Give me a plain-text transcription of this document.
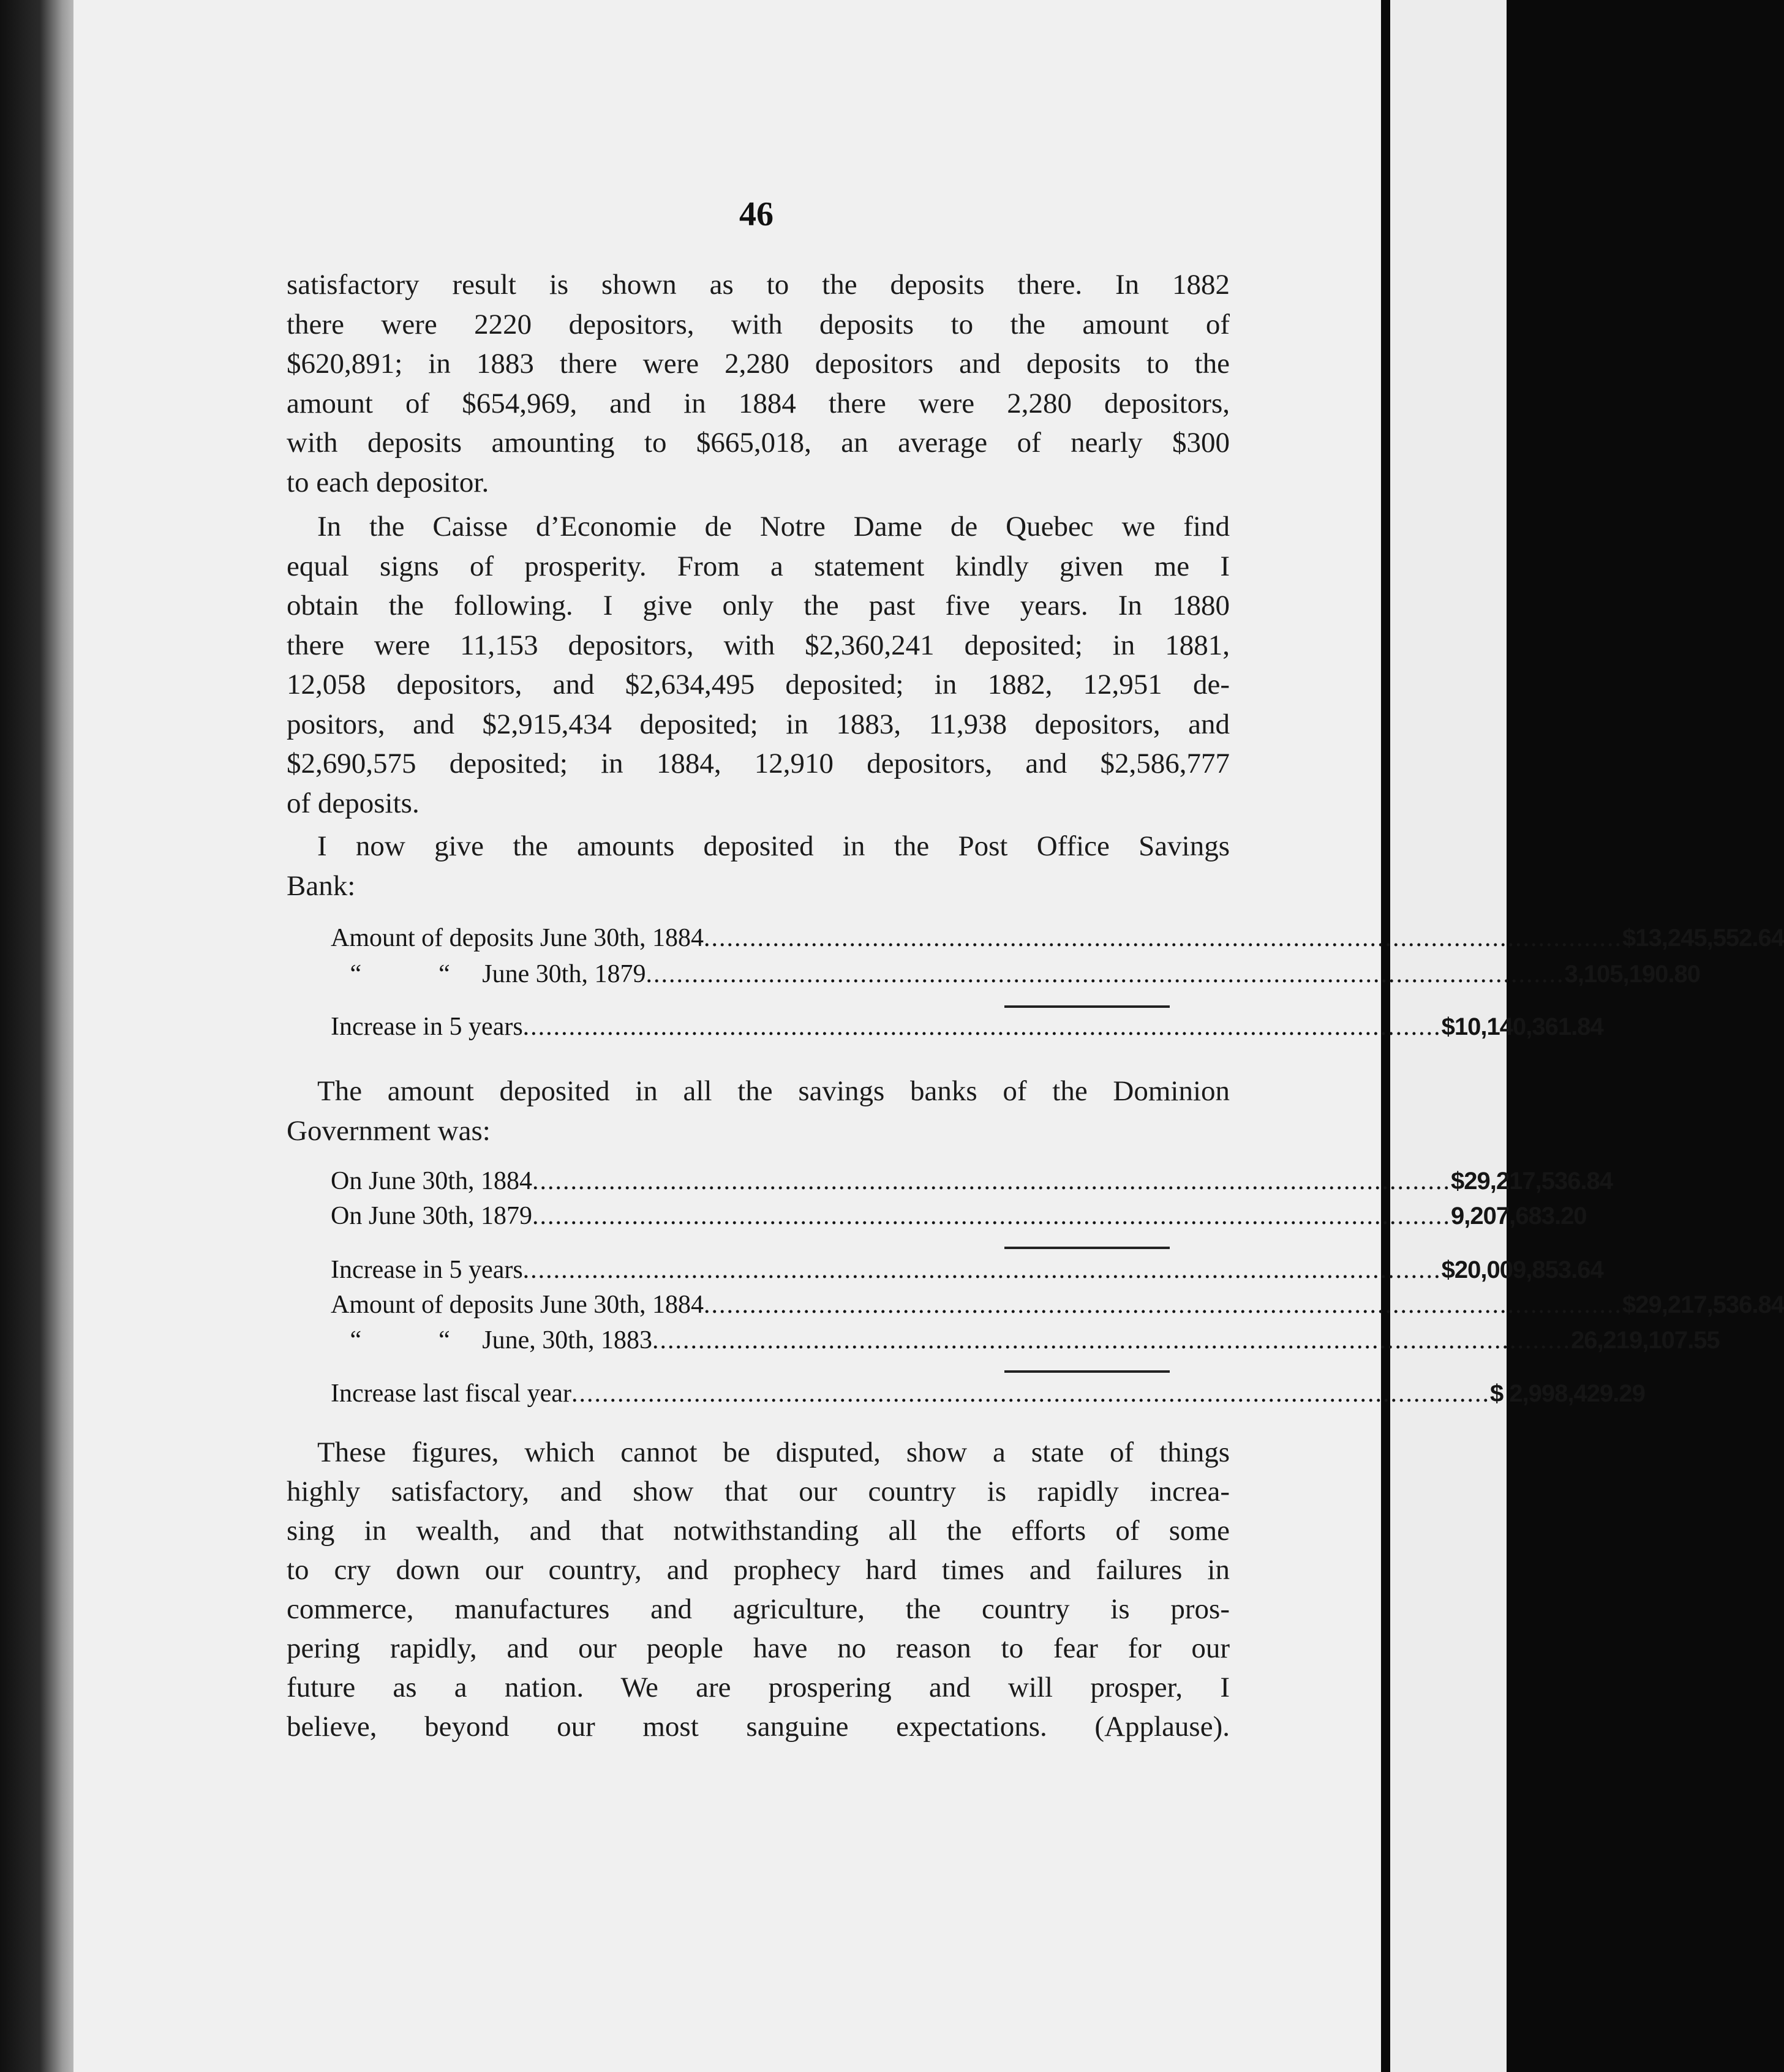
46
satisfactory result is shown as to the deposits there. In 1882
there were 2220 depositors, with deposits to the amount of
$620,891; in 1883 there were 2,280 depositors and deposits to the
amount of $654,969, and in 1884 there were 2,280 depositors,
with deposits amounting to $665,018, an average of nearly $300
to each depositor.
In the Caisse d’Economie de Notre Dame de Quebec we find
equal signs of prosperity. From a statement kindly given me I
obtain the following. I give only the past five years. In 1880
there were 11,153 depositors, with $2,360,241 deposited; in 1881,
12,058 depositors, and $2,634,495 deposited; in 1882, 12,951 de-
positors, and $2,915,434 deposited; in 1883, 11,938 depositors, and
$2,690,575 deposited; in 1884, 12,910 depositors, and $2,586,777
of deposits.
I now give the amounts deposited in the Post Office Savings
Bank:
Amount of deposits June 30th, 1884 ........................................................................................................................ $13,245,552.64
“            “     June 30th, 1879 ........................................................................................................................ 3,105,190.80
Increase in 5 years ........................................................................................................................ $10,140,361.84
The amount deposited in all the savings banks of the Dominion
Government was:
On June 30th, 1884 ........................................................................................................................ $29,217,536.84
On June 30th, 1879 ........................................................................................................................ 9,207,683.20
Increase in 5 years ........................................................................................................................ $20,009,853.64
Amount of deposits June 30th, 1884 ........................................................................................................................ $29,217,536.84
“            “     June, 30th, 1883 ........................................................................................................................ 26,219,107.55
Increase last fiscal year ........................................................................................................................ $ 2,998,429.29
These figures, which cannot be disputed, show a state of things
highly satisfactory, and show that our country is rapidly increa-
sing in wealth, and that notwithstanding all the efforts of some
to cry down our country, and prophecy hard times and failures in
commerce, manufactures and agriculture, the country is pros-
pering rapidly, and our people have no reason to fear for our
future as a nation. We are prospering and will prosper, I
believe, beyond our most sanguine expectations. (Applause).
